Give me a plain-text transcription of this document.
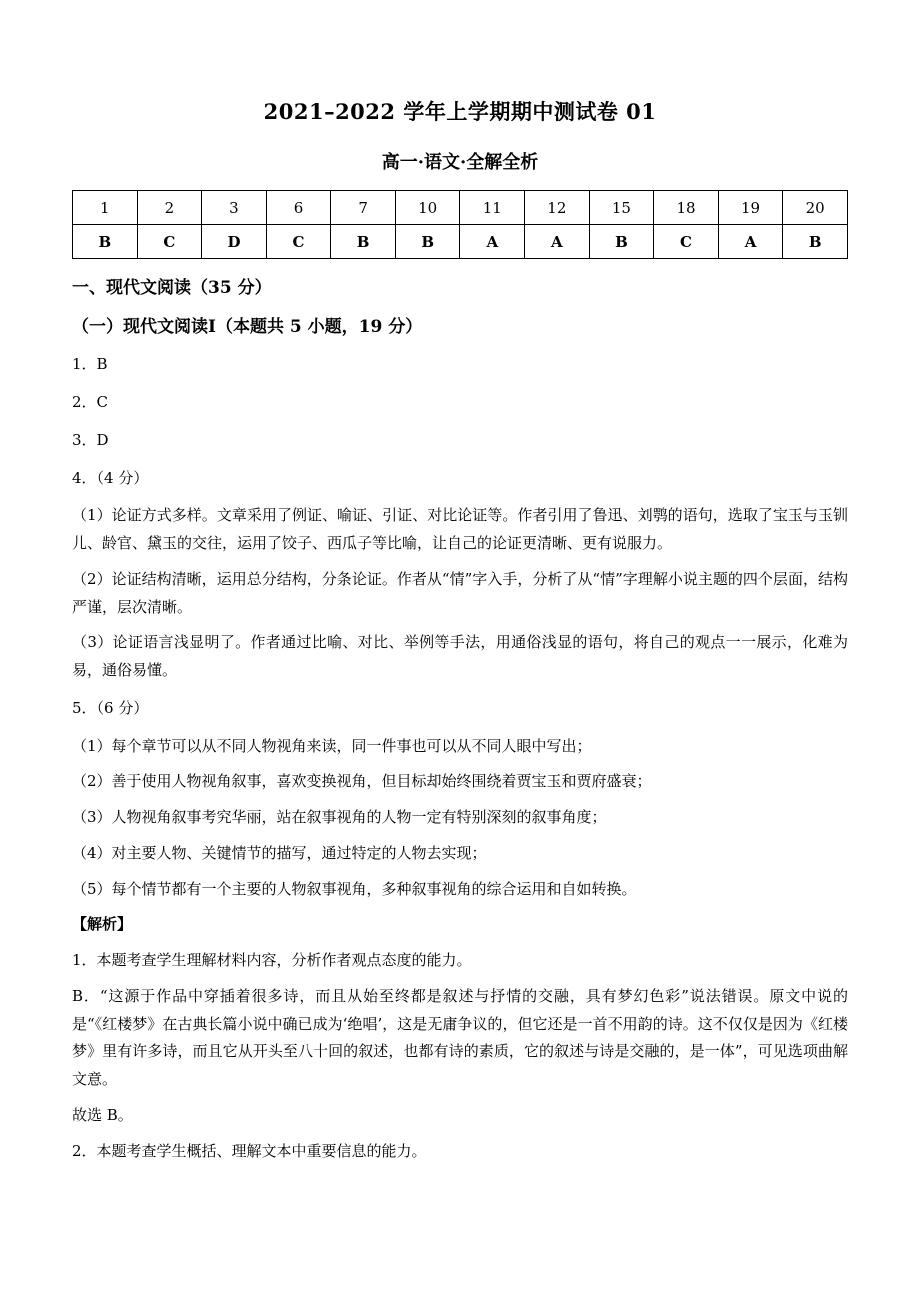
2021–2022 学年上学期期中测试卷 01
高一·语文·全解全析
1	2	3	6	7	10	11	12	15	18	19	20
B	C	D	C	B	B	A	A	B	C	A	B
一、现代文阅读（35 分）
（一）现代文阅读Ⅰ（本题共 5 小题，19 分）

1．B

2．C

3．D

4．（4 分）

（1）论证方式多样。文章采用了例证、喻证、引证、对比论证等。作者引用了鲁迅、刘鹗的语句，选取了宝玉与玉钏儿、龄官、黛玉的交往，运用了饺子、西瓜子等比喻，让自己的论证更清晰、更有说服力。

（2）论证结构清晰，运用总分结构，分条论证。作者从“情”字入手，分析了从“情”字理解小说主题的四个层面，结构严谨，层次清晰。

（3）论证语言浅显明了。作者通过比喻、对比、举例等手法，用通俗浅显的语句，将自己的观点一一展示，化难为易，通俗易懂。

5．（6 分）

（1）每个章节可以从不同人物视角来读，同一件事也可以从不同人眼中写出；

（2）善于使用人物视角叙事，喜欢变换视角，但目标却始终围绕着贾宝玉和贾府盛衰；

（3）人物视角叙事考究华丽，站在叙事视角的人物一定有特别深刻的叙事角度；

（4）对主要人物、关键情节的描写，通过特定的人物去实现；

（5）每个情节都有一个主要的人物叙事视角，多种叙事视角的综合运用和自如转换。

【解析】

1．本题考查学生理解材料内容，分析作者观点态度的能力。

B．“这源于作品中穿插着很多诗，而且从始至终都是叙述与抒情的交融，具有梦幻色彩”说法错误。原文中说的是“《红楼梦》在古典长篇小说中确已成为‘绝唱’，这是无庸争议的，但它还是一首不用韵的诗。这不仅仅是因为《红楼梦》里有许多诗，而且它从开头至八十回的叙述，也都有诗的素质，它的叙述与诗是交融的，是一体”，可见选项曲解文意。

故选 B。

2．本题考查学生概括、理解文本中重要信息的能力。
